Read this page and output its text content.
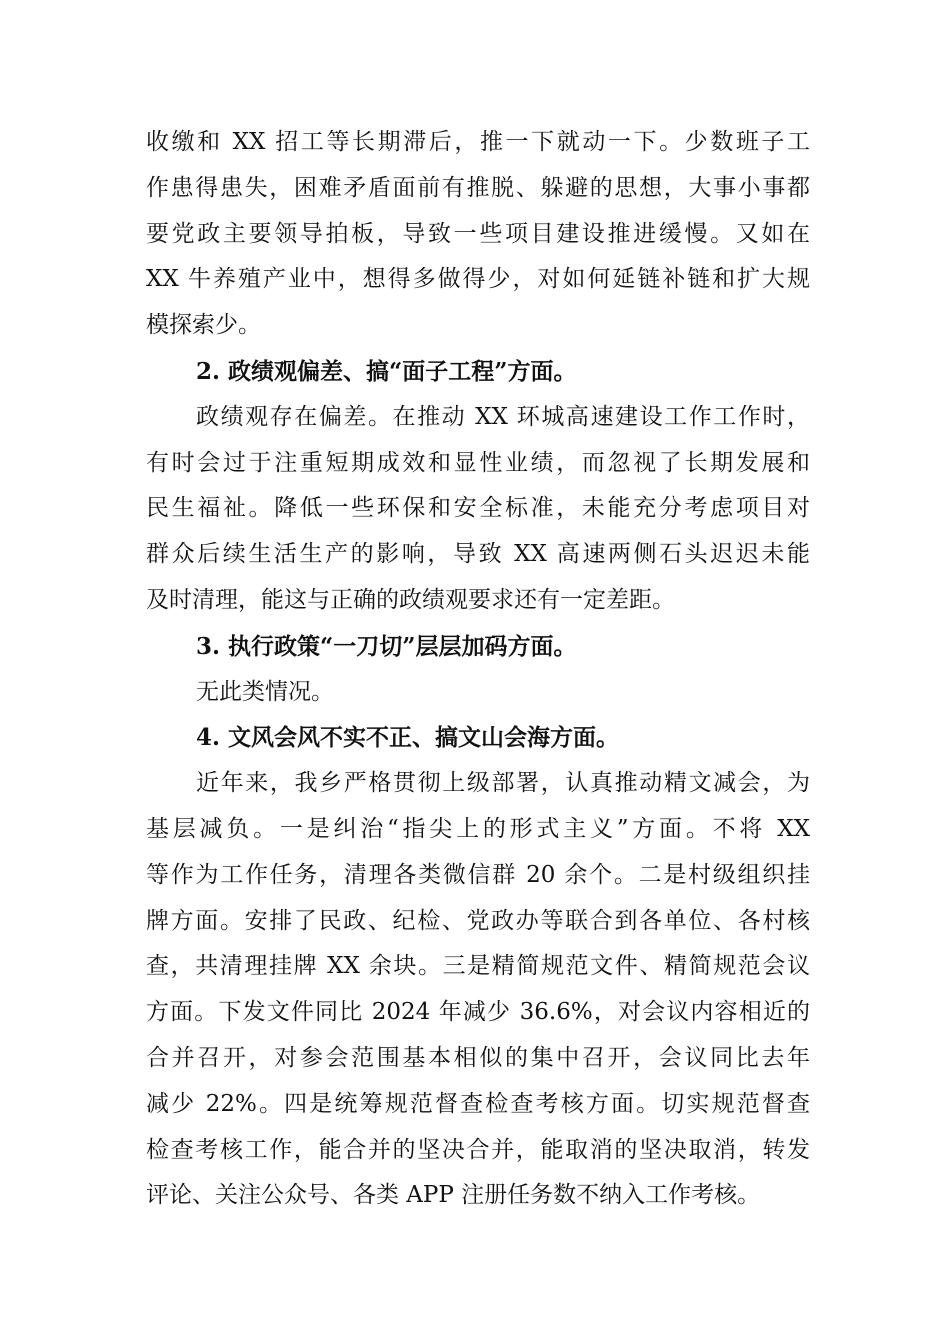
收缴和 XX 招工等长期滞后，推一下就动一下。少数班子工
作患得患失，困难矛盾面前有推脱、躲避的思想，大事小事都
要党政主要领导拍板，导致一些项目建设推进缓慢。又如在
XX 牛养殖产业中，想得多做得少，对如何延链补链和扩大规
模探索少。
2. 政绩观偏差、搞“面子工程”方面。
政绩观存在偏差。在推动 XX 环城高速建设工作工作时，
有时会过于注重短期成效和显性业绩，而忽视了长期发展和
民生福祉。降低一些环保和安全标准，未能充分考虑项目对
群众后续生活生产的影响，导致 XX 高速两侧石头迟迟未能
及时清理，能这与正确的政绩观要求还有一定差距。
3. 执行政策“一刀切”层层加码方面。
无此类情况。
4. 文风会风不实不正、搞文山会海方面。
近年来，我乡严格贯彻上级部署，认真推动精文减会，为
基层减负。一是纠治“指尖上的形式主义”方面。不将 XX
等作为工作任务，清理各类微信群 20 余个。二是村级组织挂
牌方面。安排了民政、纪检、党政办等联合到各单位、各村核
查，共清理挂牌 XX 余块。三是精简规范文件、精简规范会议
方面。下发文件同比 2024 年减少 36.6%，对会议内容相近的
合并召开，对参会范围基本相似的集中召开，会议同比去年
减少 22%。四是统筹规范督查检查考核方面。切实规范督查
检查考核工作，能合并的坚决合并，能取消的坚决取消，转发
评论、关注公众号、各类 APP 注册任务数不纳入工作考核。
